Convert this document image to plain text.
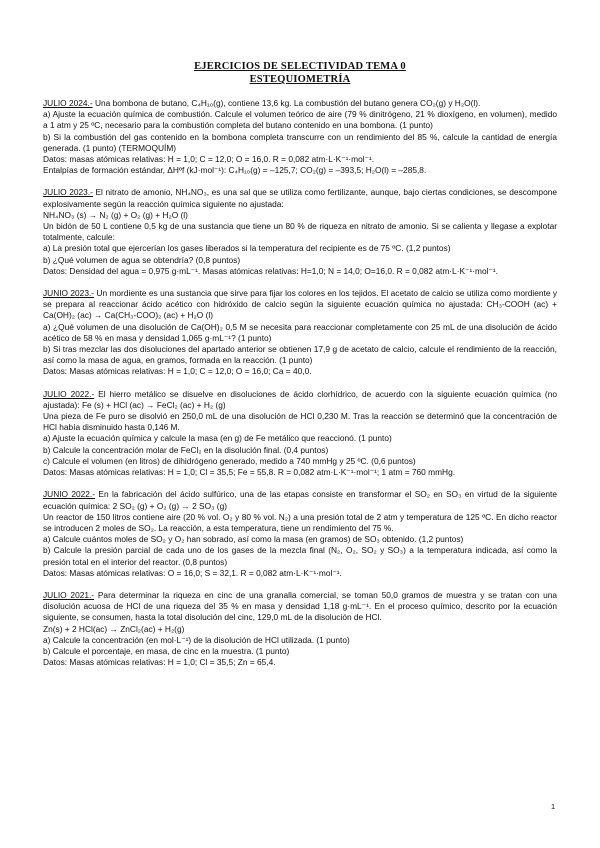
EJERCICIOS DE SELECTIVIDAD TEMA 0
ESTEQUIOMETRÍA

JULIO 2024.- Una bombona de butano, C₄H₁₀(g), contiene 13,6 kg. La combustión del butano genera CO₂(g) y H₂O(l).

a) Ajuste la ecuación química de combustión. Calcule el volumen teórico de aire (79 % dinitrógeno, 21 % dioxígeno, en volumen), medido a 1 atm y 25 ºC, necesario para la combustión completa del butano contenido en una bombona. (1 punto)

b) Si la combustión del gas contenido en la bombona completa transcurre con un rendimiento del 85 %, calcule la cantidad de energía generada. (1 punto) (TERMOQUÍM)

Datos: masas atómicas relativas: H = 1,0; C = 12,0; O = 16,0. R = 0,082 atm·L·K⁻¹·mol⁻¹.

Entalpías de formación estándar, ΔHºf (kJ·mol⁻¹): C₄H₁₀(g) = –125,7; CO₂(g) = –393,5; H₂O(l) = –285,8.

JULIO 2023.- El nitrato de amonio, NH₄NO₃, es una sal que se utiliza como fertilizante, aunque, bajo ciertas condiciones, se descompone explosivamente según la reacción química siguiente no ajustada:

NH₄NO₃ (s) → N₂ (g) + O₂ (g) + H₂O (l)

Un bidón de 50 L contiene 0,5 kg de una sustancia que tiene un 80 % de riqueza en nitrato de amonio. Si se calienta y llegase a explotar totalmente, calcule:

a) La presión total que ejercerían los gases liberados si la temperatura del recipiente es de 75 ºC. (1,2 puntos)

b) ¿Qué volumen de agua se obtendría? (0,8 puntos)

Datos: Densidad del agua = 0,975 g·mL⁻¹. Masas atómicas relativas: H=1,0; N = 14,0; O=16,0. R = 0,082 atm·L·K⁻¹·mol⁻¹.

JUNIO 2023.- Un mordiente es una sustancia que sirve para fijar los colores en los tejidos. El acetato de calcio se utiliza como mordiente y se prepara al reaccionar ácido acético con hidróxido de calcio según la siguiente ecuación química no ajustada: CH₃-COOH (ac) + Ca(OH)₂ (ac) → Ca(CH₃-COO)₂ (ac) + H₂O (l)

a) ¿Qué volumen de una disolución de Ca(OH)₂ 0,5 M se necesita para reaccionar completamente con 25 mL de una disolución de ácido acético de 58 % en masa y densidad 1,065 g·mL⁻¹? (1 punto)

b) Si tras mezclar las dos disoluciones del apartado anterior se obtienen 17,9 g de acetato de calcio, calcule el rendimiento de la reacción, así como la masa de agua, en gramos, formada en la reacción. (1 punto)

Datos: Masas atómicas relativas: H = 1,0; C = 12,0; O = 16,0; Ca = 40,0.

JULIO 2022.- El hierro metálico se disuelve en disoluciones de ácido clorhídrico, de acuerdo con la siguiente ecuación química (no ajustada): Fe (s) + HCl (ac) → FeCl₂ (ac) + H₂ (g)

Una pieza de Fe puro se disolvió en 250,0 mL de una disolución de HCl 0,230 M. Tras la reacción se determinó que la concentración de HCl había disminuido hasta 0,146 M.

a) Ajuste la ecuación química y calcule la masa (en g) de Fe metálico que reaccionó. (1 punto)

b) Calcule la concentración molar de FeCl₂ en la disolución final. (0,4 puntos)

c) Calcule el volumen (en litros) de dihidrógeno generado, medido a 740 mmHg y 25 ºC. (0,6 puntos)

Datos: Masas atómicas relativas: H = 1,0; Cl = 35,5; Fe = 55,8. R = 0,082 atm·L·K⁻¹·mol⁻¹; 1 atm = 760 mmHg.

JUNIO 2022.- En la fabricación del ácido sulfúrico, una de las etapas consiste en transformar el SO₂ en SO₃ en virtud de la siguiente ecuación química: 2 SO₂ (g) + O₂ (g) → 2 SO₃ (g)

Un reactor de 150 litros contiene aire (20 % vol. O₂ y 80 % vol. N₂) a una presión total de 2 atm y temperatura de 125 ºC. En dicho reactor se introducen 2 moles de SO₂. La reacción, a esta temperatura, tiene un rendimiento del 75 %.

a) Calcule cuántos moles de SO₂ y O₂ han sobrado, así como la masa (en gramos) de SO₃ obtenido. (1,2 puntos)

b) Calcule la presión parcial de cada uno de los gases de la mezcla final (N₂, O₂, SO₂ y SO₃) a la temperatura indicada, así como la presión total en el interior del reactor. (0,8 puntos)

Datos: Masas atómicas relativas: O = 16,0; S = 32,1. R = 0,082 atm·L·K⁻¹·mol⁻¹.

JULIO 2021.- Para determinar la riqueza en cinc de una granalla comercial, se toman 50,0 gramos de muestra y se tratan con una disolución acuosa de HCl de una riqueza del 35 % en masa y densidad 1,18 g·mL⁻¹. En el proceso químico, descrito por la ecuación siguiente, se consumen, hasta la total disolución del cinc, 129,0 mL de la disolución de HCl.

Zn(s) + 2 HCl(ac) → ZnCl₂(ac) + H₂(g)

a) Calcule la concentración (en mol·L⁻¹) de la disolución de HCl utilizada. (1 punto)

b) Calcule el porcentaje, en masa, de cinc en la muestra. (1 punto)

Datos: Masas atómicas relativas: H = 1,0; Cl = 35,5; Zn = 65,4.

1
